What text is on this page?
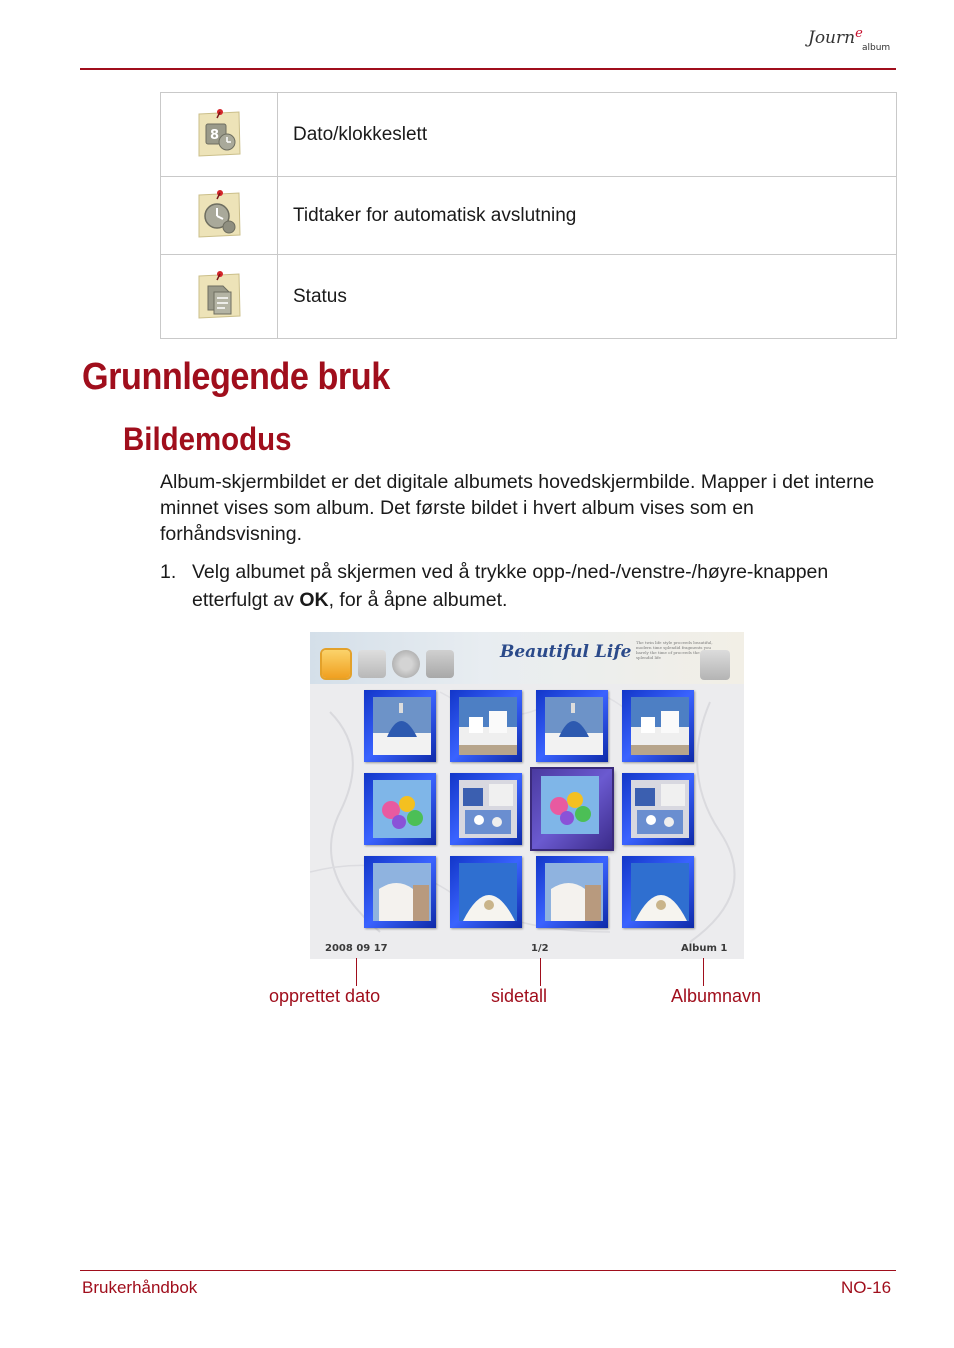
Journ$^e$
album
8	Dato/klokkeslett
	Tidtaker for automatisk avslutning
	Status
Grunnlegende bruk
Bildemodus

Album-skjermbildet er det digitale albumets hovedskjermbilde. Mapper i det interne minnet vises som album. Det første bildet i hvert album vises som en forhåndsvisning.

1. Velg albumet på skjermen ved å trykke opp-/ned-/venstre-/høyre-knappen etterfulgt av OK, for å åpne albumet.
Beautiful Life The twin life style proceeds beautiful, modern time splendid fragments you barely the time of proceeds the splendid life
2008 09 17	1/2	Album 1
opprettet dato	sidetall	Albumnavn
Brukerhåndbok	NO-16
